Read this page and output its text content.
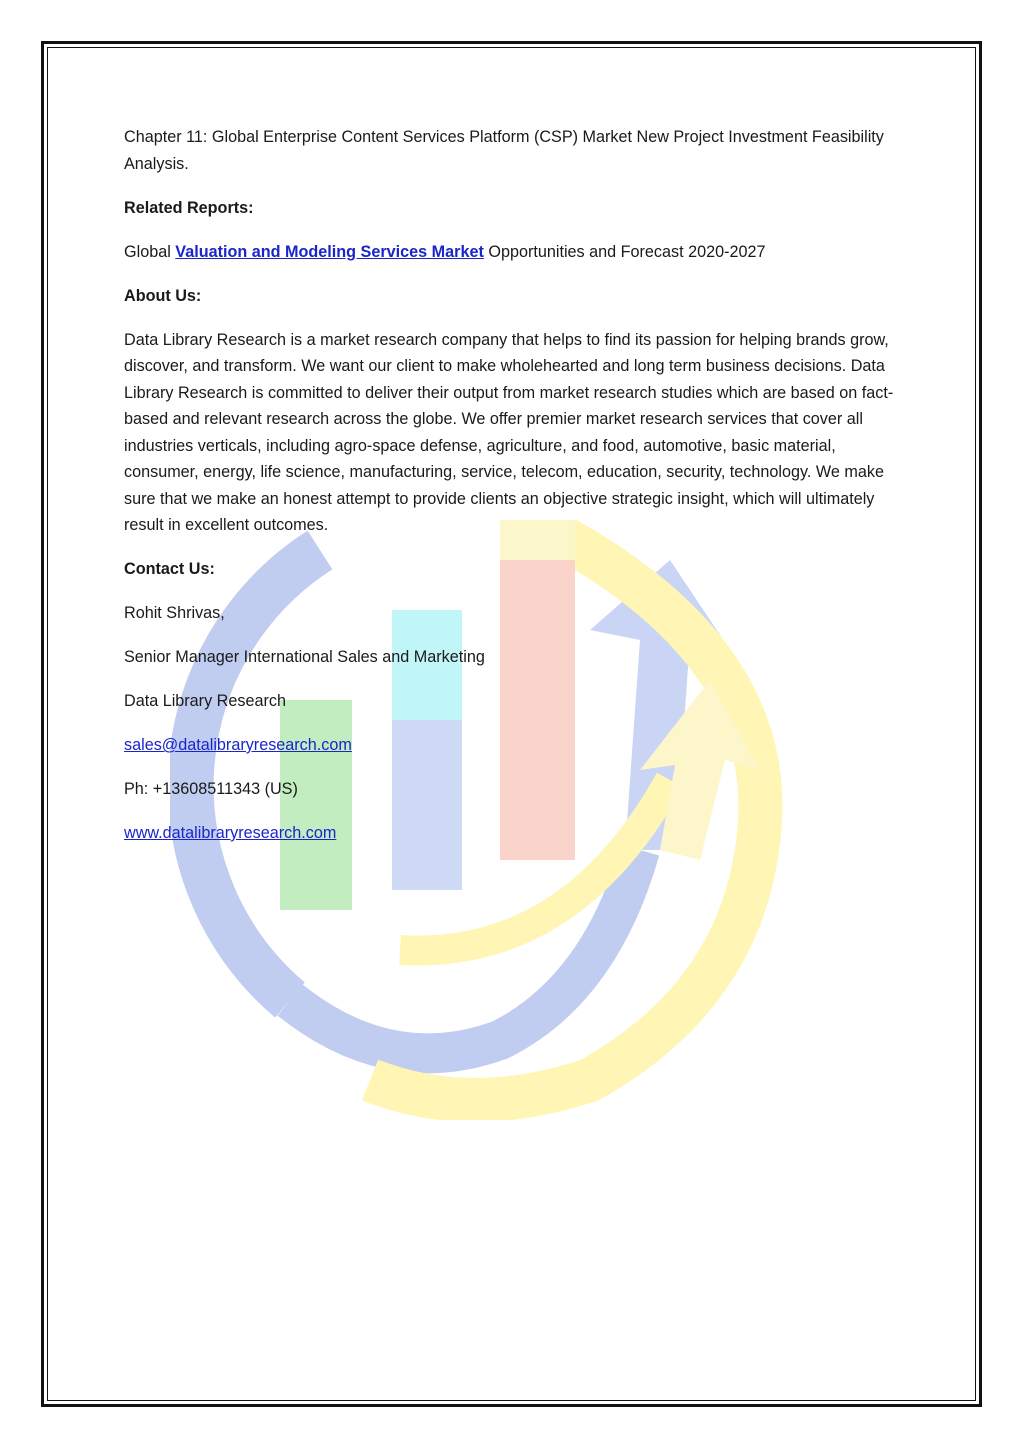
Chapter 11: Global Enterprise Content Services Platform (CSP) Market New Project Investment Feasibility Analysis.

Related Reports:

Global Valuation and Modeling Services Market Opportunities and Forecast 2020-2027

About Us:

Data Library Research is a market research company that helps to find its passion for helping brands grow, discover, and transform. We want our client to make wholehearted and long term business decisions. Data Library Research is committed to deliver their output from market research studies which are based on fact-based and relevant research across the globe. We offer premier market research services that cover all industries verticals, including agro-space defense, agriculture, and food, automotive, basic material, consumer, energy, life science, manufacturing, service, telecom, education, security, technology. We make sure that we make an honest attempt to provide clients an objective strategic insight, which will ultimately result in excellent outcomes.

Contact Us:

Rohit Shrivas,

Senior Manager International Sales and Marketing

Data Library Research

sales@datalibraryresearch.com

Ph: +13608511343 (US)

www.datalibraryresearch.com
